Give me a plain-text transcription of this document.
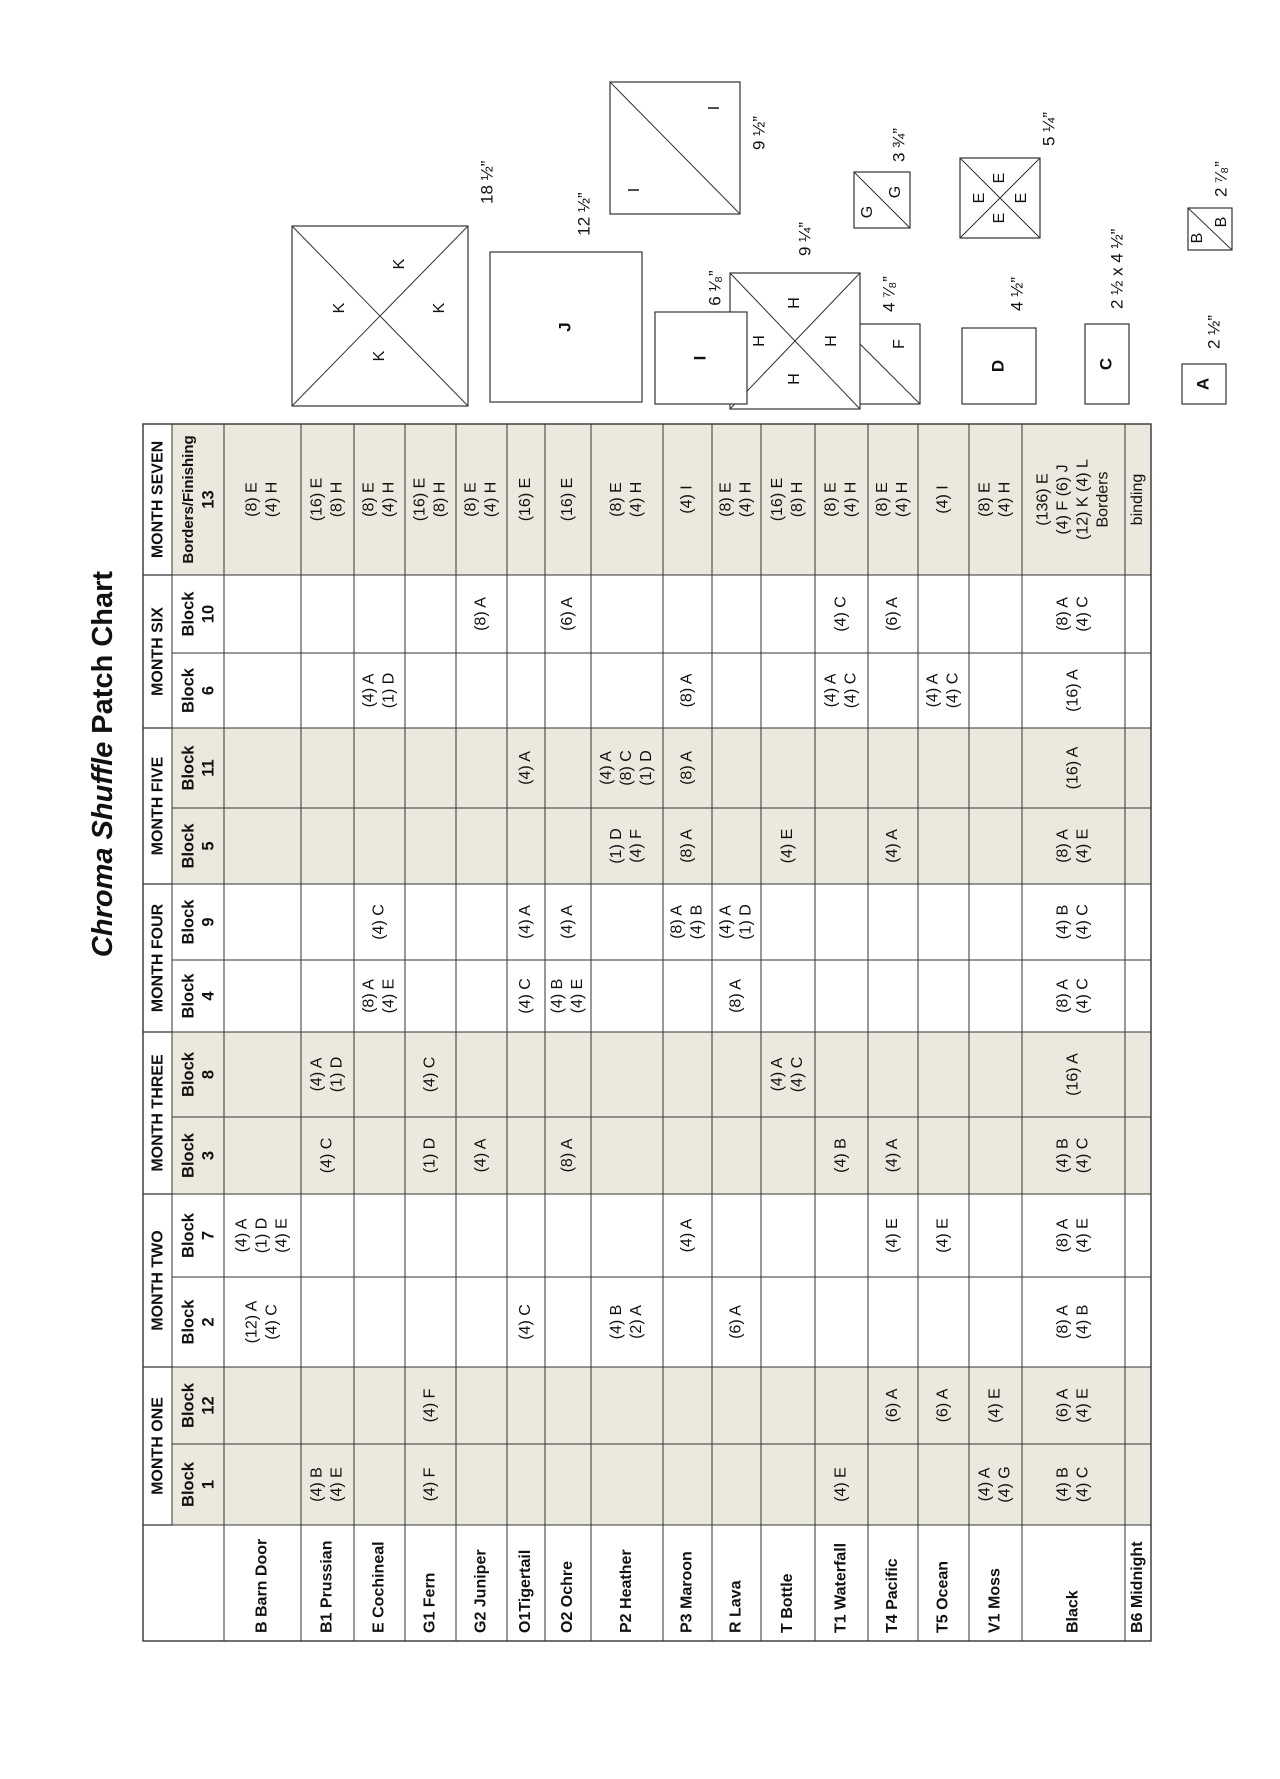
Chroma ShufflePatch Chart
MONTH ONE
MONTH TWO
MONTH THREE
MONTH FOUR
MONTH FIVE
MONTH SIX
MONTH SEVEN
Block 1
Block 12
Block 2
Block 7
Block 3
Block 8
Block 4
Block 9
Block 5
Block 11
Block 6
Block 10
Borders/Finishing 13
B Barn Door
(12) A (4) C
(4) A (1) D (4) E
(8) E (4) H
B1 Prussian
(4) B (4) E
(4) C
(4) A (1) D
(16) E (8) H
E Cochineal
(8) A (4) E
(4) C
(4) A (1) D
(8) E (4) H
G1 Fern
(4) F
(4) F
(1) D
(4) C
(16) E (8) H
G2 Juniper
(4) A
(8) A
(8) E (4) H
O1Tigertail
(4) C
(4) C
(4) A
(4) A
(16) E
O2 Ochre
(8) A
(4) B (4) E
(4) A
(6) A
(16) E
P2 Heather
(4) B (2) A
(1) D (4) F
(4) A (8) C (1) D
(8) E (4) H
P3 Maroon
(4) A
(8) A (4) B
(8) A
(8) A
(8) A
(4) I
R Lava
(6) A
(8) A
(4) A (1) D
(8) E (4) H
T Bottle
(4) A (4) C
(4) E
(16) E (8) H
T1 Waterfall
(4) E
(4) B
(4) A (4) C
(4) C
(8) E (4) H
T4 Pacific
(6) A
(4) E
(4) A
(4) A
(6) A
(8) E (4) H
T5 Ocean
(6) A
(4) E
(4) A (4) C
(4) I
V1 Moss
(4) A (4) G
(4) E
(8) E (4) H
Black
(4) B (4) C
(6) A (4) E
(8) A (4) B
(8) A (4) E
(4) B (4) C
(16) A
(8) A (4) C
(4) B (4) C
(8) A (4) E
(16) A
(16) A
(8) A (4) C
(136) E (4) F (6) J (12) K (4) L Borders
B6 Midnight
binding
A
2 ½”
B
B
2 ⁷⁄₈”
C
2 ½ x 4 ½”
D
4 ½”
E
E
E
E
5 ¼”
F
4 ⁷⁄₈”
G
G
3 ¾”
H
H
H
H
9 ¼”
I
6 ¹⁄₈”
I
I
9 ½”
J
12 ½”
K
K
K
K
18 ½”
